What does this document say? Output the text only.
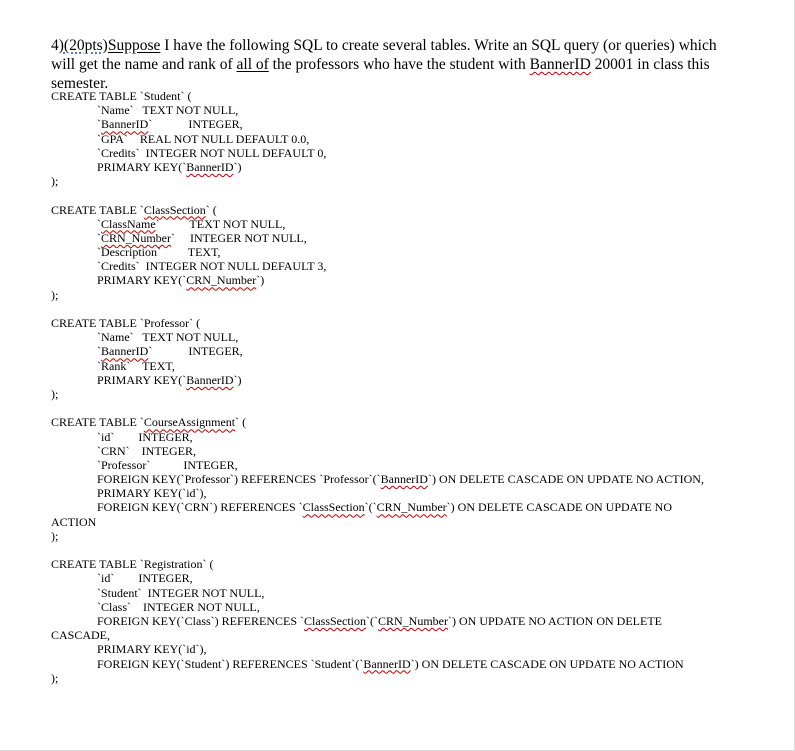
4)(20pts)Suppose I have the following SQL to create several tables. Write an SQL query (or queries) which will get the name and rank of all of the professors who have the student with BannerID 20001 in class this semester.
CREATE TABLE `Student` (
`Name`   TEXT NOT NULL,
`BannerID`            INTEGER,
`GPA`    REAL NOT NULL DEFAULT 0.0,
`Credits`  INTEGER NOT NULL DEFAULT 0,
PRIMARY KEY(`BannerID`)
);
CREATE TABLE `ClassSection` (
`ClassName`          TEXT NOT NULL,
`CRN_Number`     INTEGER NOT NULL,
`Description`         TEXT,
`Credits`  INTEGER NOT NULL DEFAULT 3,
PRIMARY KEY(`CRN_Number`)
);
CREATE TABLE `Professor` (
`Name`   TEXT NOT NULL,
`BannerID`            INTEGER,
`Rank`    TEXT,
PRIMARY KEY(`BannerID`)
);
CREATE TABLE `CourseAssignment` (
`id`        INTEGER,
`CRN`    INTEGER,
`Professor`           INTEGER,
FOREIGN KEY(`Professor`) REFERENCES `Professor`(`BannerID`) ON DELETE CASCADE ON UPDATE NO ACTION,
PRIMARY KEY(`id`),
FOREIGN KEY(`CRN`) REFERENCES `ClassSection`(`CRN_Number`) ON DELETE CASCADE ON UPDATE NO
ACTION
);
CREATE TABLE `Registration` (
`id`        INTEGER,
`Student`  INTEGER NOT NULL,
`Class`    INTEGER NOT NULL,
FOREIGN KEY(`Class`) REFERENCES `ClassSection`(`CRN_Number`) ON UPDATE NO ACTION ON DELETE
CASCADE,
PRIMARY KEY(`id`),
FOREIGN KEY(`Student`) REFERENCES `Student`(`BannerID`) ON DELETE CASCADE ON UPDATE NO ACTION
);
